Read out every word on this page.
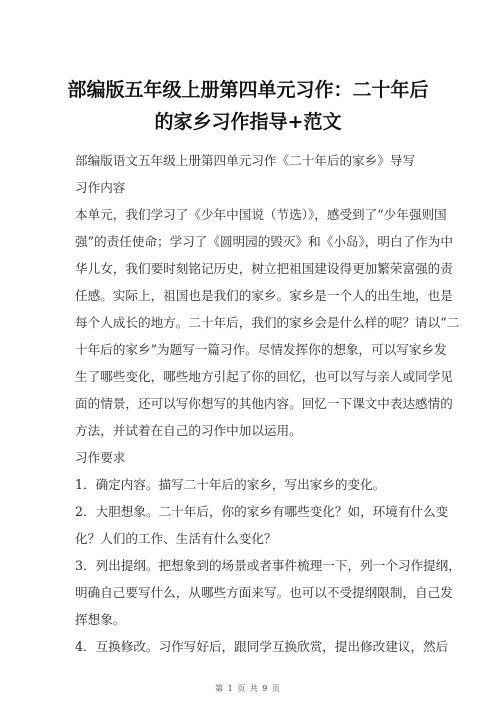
部编版五年级上册第四单元习作：二十年后
的家乡习作指导+范文
部编版语文五年级上册第四单元习作《二十年后的家乡》导写
习作内容
本单元，我们学习了《少年中国说（节选）》，感受到了“少年强则国
强”的责任使命；学习了《圆明园的毁灭》和《小岛》，明白了作为中
华儿女，我们要时刻铭记历史，树立把祖国建设得更加繁荣富强的责
任感。实际上，祖国也是我们的家乡。家乡是一个人的出生地，也是
每个人成长的地方。二十年后，我们的家乡会是什么样的呢？请以“二
十年后的家乡”为题写一篇习作。尽情发挥你的想象，可以写家乡发
生了哪些变化，哪些地方引起了你的回忆，也可以写与亲人或同学见
面的情景，还可以写你想写的其他内容。回忆一下课文中表达感情的
方法，并试着在自己的习作中加以运用。
习作要求
1．确定内容。描写二十年后的家乡，写出家乡的变化。
2．大胆想象。二十年后，你的家乡有哪些变化？如，环境有什么变
化？人们的工作、生活有什么变化？
3．列出提纲。把想象到的场景或者事件梳理一下，列一个习作提纲，
明确自己要写什么，从哪些方面来写。也可以不受提纲限制，自己发
挥想象。
4．互换修改。习作写好后，跟同学互换欣赏，提出修改建议，然后
第 1 页 共 9 页
